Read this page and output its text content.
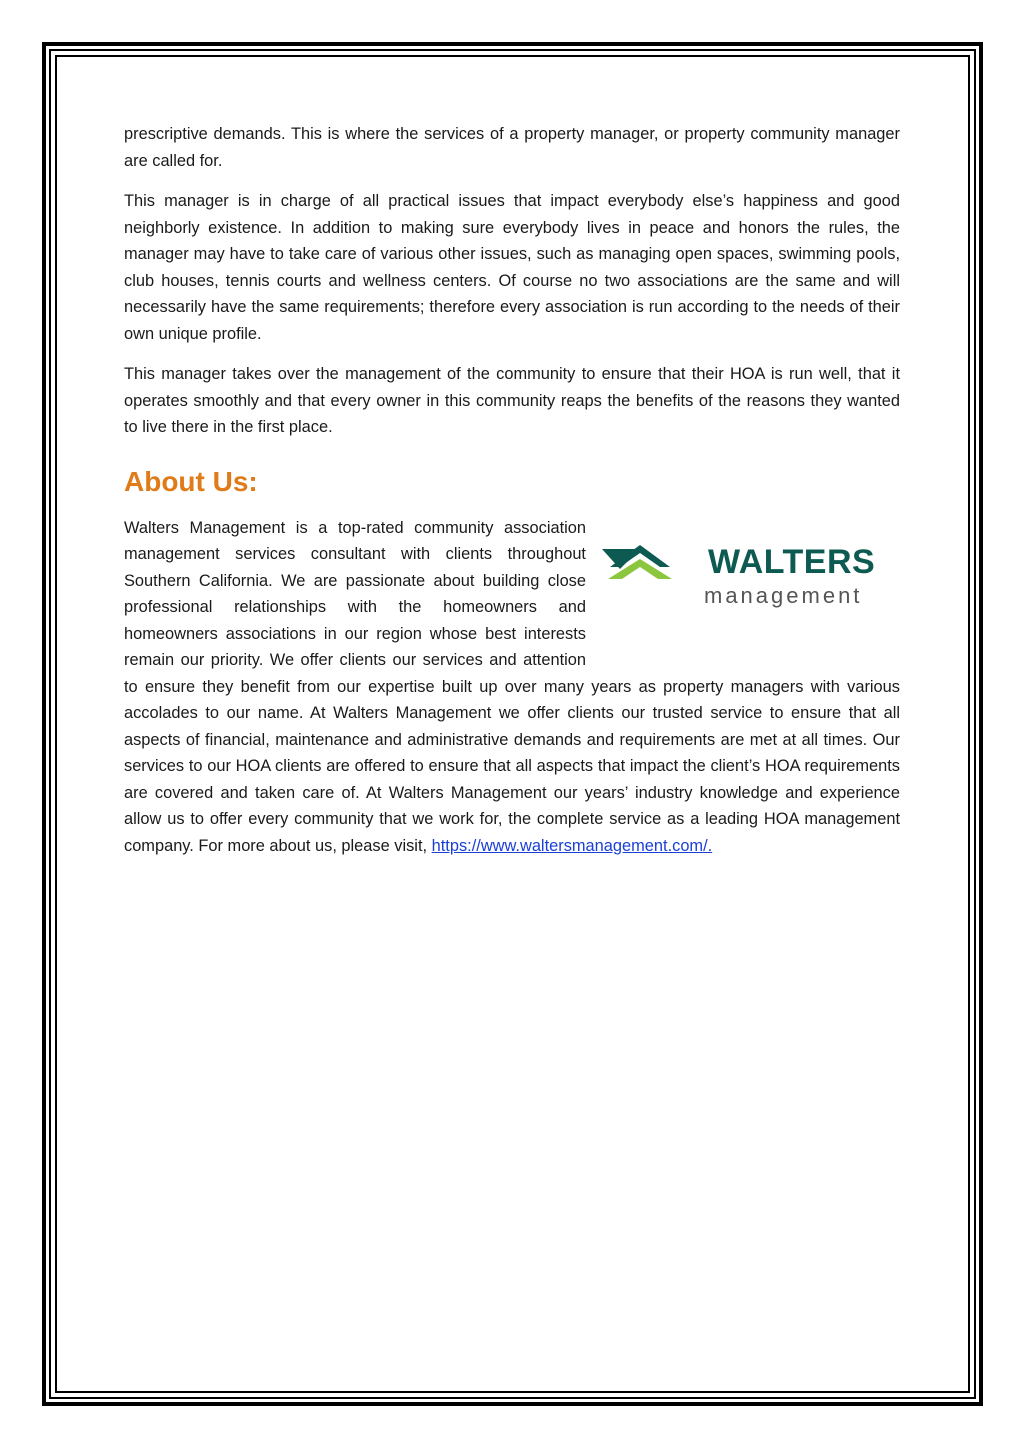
prescriptive demands. This is where the services of a property manager, or property community manager are called for.

This manager is in charge of all practical issues that impact everybody else’s happiness and good neighborly existence. In addition to making sure everybody lives in peace and honors the rules, the manager may have to take care of various other issues, such as managing open spaces, swimming pools, club houses, tennis courts and wellness centers. Of course no two associations are the same and will necessarily have the same requirements; therefore every association is run according to the needs of their own unique profile.

This manager takes over the management of the community to ensure that their HOA is run well, that it operates smoothly and that every owner in this community reaps the benefits of the reasons they wanted to live there in the first place.

About Us:
WALTERS
management

Walters Management is a top-rated community association management services consultant with clients throughout Southern California. We are passionate about building close professional relationships with the homeowners and homeowners associations in our region whose best interests remain our priority. We offer clients our services and attention to ensure they benefit from our expertise built up over many years as property managers with various accolades to our name. At Walters Management we offer clients our trusted service to ensure that all aspects of financial, maintenance and administrative demands and requirements are met at all times. Our services to our HOA clients are offered to ensure that all aspects that impact the client’s HOA requirements are covered and taken care of. At Walters Management our years’ industry knowledge and experience allow us to offer every community that we work for, the complete service as a leading HOA management company. For more about us, please visit, https://www.waltersmanagement.com/.
